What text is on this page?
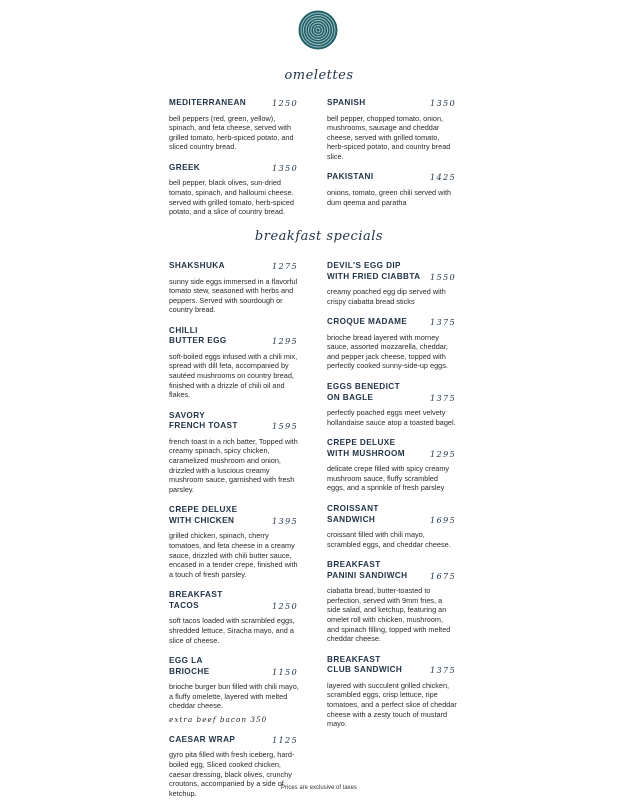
omelettes
breakfast specials
MEDITERRANEAN	1250
bell peppers (red, green, yellow), spinach, and feta cheese, served with grilled tomato, herb-spiced potato, and sliced country bread.
GREEK	1350
bell pepper, black olives, sun-dried tomato, spinach, and halloumi cheese. served with grilled tomato, herb-spiced potato, and a slice of country bread.
SPANISH	1350
bell pepper, chopped tomato, onion, mushrooms, sausage and cheddar cheese, served with grilled tomato, herb-spiced potato, and country bread slice.
PAKISTANI	1425
onions, tomato, green chili served with dum qeema and paratha
SHAKSHUKA	1275
sunny side eggs immersed in a flavorful tomato stew, seasoned with herbs and peppers. Served with sourdough or country bread.
CHILLI
BUTTER EGG	1295
soft-boiled eggs infused with a chili mix, spread with dill feta, accompanied by sautéed mushrooms on country bread, finished with a drizzle of chili oil and flakes.
SAVORY
FRENCH TOAST	1595
french toast in a rich batter, Topped with creamy spinach, spicy chicken, caramelized mushroom and onion, drizzled with a luscious creamy mushroom sauce, garnished with fresh parsley.
CREPE DELUXE
WITH CHICKEN	1395
grilled chicken, spinach, cherry tomatoes, and feta cheese in a creamy sauce, drizzled with chili butter sauce, encased in a tender crepe, finished with a touch of fresh parsley.
BREAKFAST
TACOS	1250
soft tacos loaded with scrambled eggs, shredded lettuce, Siracha mayo, and a slice of cheese.
EGG LA
BRIOCHE	1150
brioche burger bun filled with chili mayo, a fluffy omelette, layered with melted cheddar cheese.
extra beef bacon 350
CAESAR WRAP	1125
gyro pita filled with fresh iceberg, hard-boiled egg, Sliced cooked chicken, caesar dressing, black olives, crunchy croutons, accompanied by a side of ketchup.
DEVIL'S EGG DIP
WITH FRIED CIABBTA 1550
creamy poached egg dip served with crispy ciabatta bread sticks
CROQUE MADAME	1375
brioche bread layered with morney sauce, assorted mozzarella, cheddar, and pepper jack cheese, topped with perfectly cooked sunny-side-up eggs.
EGGS BENEDICT
ON BAGLE	1375
perfectly poached eggs meet velvety hollandaise sauce atop a toasted bagel.
CREPE DELUXE
WITH MUSHROOM	1295
delicate crepe filled with spicy creamy mushroom sauce, fluffy scrambled eggs, and a sprinkle of fresh parsley
CROISSANT
SANDWICH	1695
croissant filled with chili mayo, scrambled eggs, and cheddar cheese.
BREAKFAST
PANINI SANDIWCH	1675
ciabatta bread, butter-toasted to perfection, served with 9mm fries, a side salad, and ketchup, featuring an omelet roll with chicken, mushroom, and spinach filling, topped with melted cheddar cheese.
BREAKFAST
CLUB SANDWICH	1375
layered with succulent grilled chicken, scrambled eggs, crisp lettuce, ripe tomatoes, and a perfect slice of cheddar cheese with a zesty touch of mustard mayo.
Prices are exclusive of taxes
